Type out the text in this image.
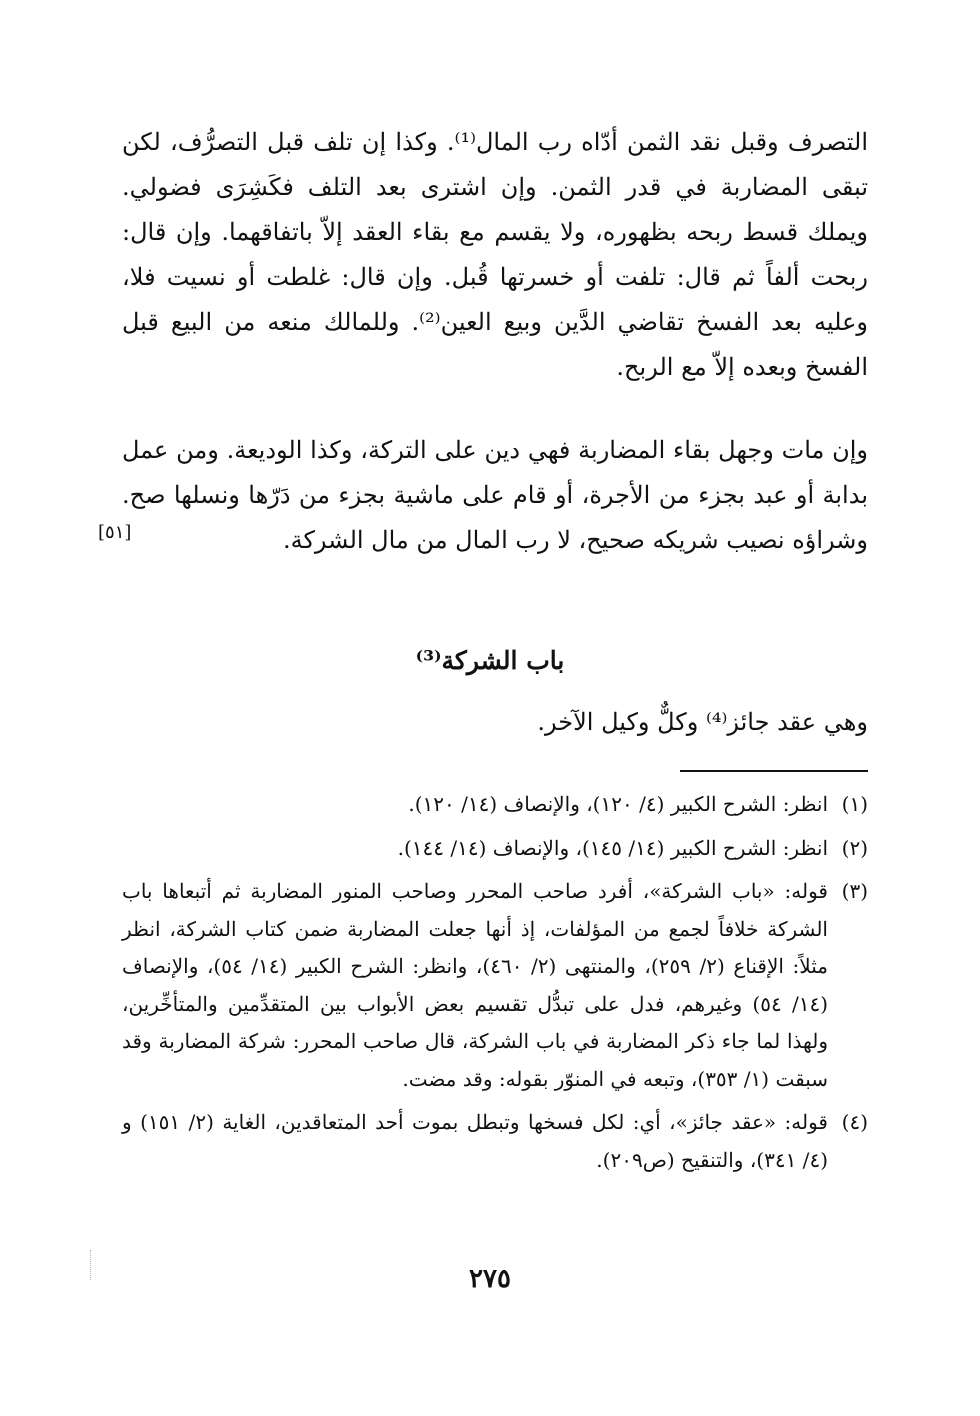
التصرف وقبل نقد الثمن أدّاه رب المال⁽¹⁾. وكذا إن تلف قبل التصرُّف، لكن تبقى المضاربة في قدر الثمن. وإن اشترى بعد التلف فكَشِرَى فضولي. ويملك قسط ربحه بظهوره، ولا يقسم مع بقاء العقد إلاّ باتفاقهما. وإن قال: ربحت ألفاً ثم قال: تلفت أو خسرتها قُبل. وإن قال: غلطت أو نسيت فلا، وعليه بعد الفسخ تقاضي الدَّين وبيع العين⁽²⁾. وللمالك منعه من البيع قبل الفسخ وبعده إلاّ مع الربح.

وإن مات وجهل بقاء المضاربة فهي دين على التركة، وكذا الوديعة. ومن عمل بدابة أو عبد بجزء من الأجرة، أو قام على ماشية بجزء من دَرّها ونسلها صح. وشراؤه نصيب شريكه صحيح، لا رب المال من مال الشركة.

[٥١]
باب الشركة⁽³⁾

وهي عقد جائز⁽⁴⁾ وكلٌّ وكيل الآخر.

(١)
انظر: الشرح الكبير (٤/ ١٢٠)، والإنصاف (١٤/ ١٢٠).
(٢)
انظر: الشرح الكبير (١٤/ ١٤٥)، والإنصاف (١٤/ ١٤٤).
(٣)
قوله: «باب الشركة»، أفرد صاحب المحرر وصاحب المنور المضاربة ثم أتبعاها باب الشركة خلافاً لجمع من المؤلفات، إذ أنها جعلت المضاربة ضمن كتاب الشركة، انظر مثلاً: الإقناع (٢/ ٢٥٩)، والمنتهى (٢/ ٤٦٠)، وانظر: الشرح الكبير (١٤/ ٥٤)، والإنصاف (١٤/ ٥٤) وغيرهم، فدل على تبدُّل تقسيم بعض الأبواب بين المتقدِّمين والمتأخِّرين، ولهذا لما جاء ذكر المضاربة في باب الشركة، قال صاحب المحرر: شركة المضاربة وقد سبقت (١/ ٣٥٣)، وتبعه في المنوّر بقوله: وقد مضت.
(٤)
قوله: «عقد جائز»، أي: لكل فسخها وتبطل بموت أحد المتعاقدين، الغاية (٢/ ١٥١) و (٤/ ٣٤١)، والتنقيح (ص٢٠٩).
٢٧٥
